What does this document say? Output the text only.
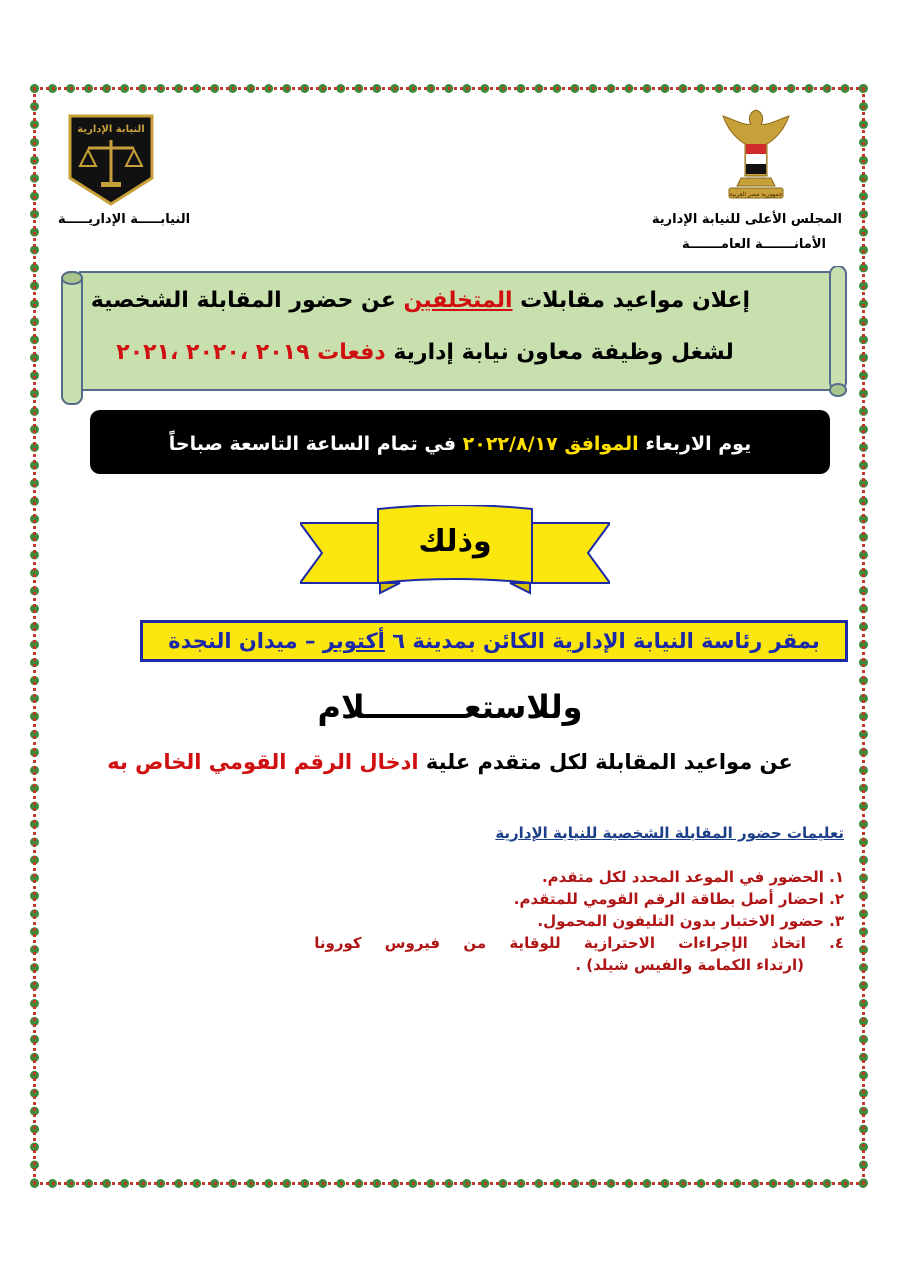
جمهورية مصر العربية
المجلس الأعلى للنيابة الإدارية
الأمانـــــــة العامـــــــة
النيابة الإدارية
النيابـــــة الإداريـــــة
إعلان مواعيد مقابلات المتخلفين عن حضور المقابلة الشخصية
لشغل وظيفة معاون نيابة إدارية دفعات ٢٠١٩ ،٢٠٢٠ ،٢٠٢١
يوم الاربعاء الموافق ٢٠٢٢/٨/١٧ في تمام الساعة التاسعة صباحاً
وذلك
بمقر رئاسة النيابة الإدارية الكائن بمدينة ٦ أكتوبر – ميدان النجدة
وللاستعـــــــــلام
عن مواعيد المقابلة لكل متقدم علية ادخال الرقم القومي الخاص به
تعليمات حضور المقابلة الشخصية للنيابة الإدارية
١. الحضور في الموعد المحدد لكل متقدم.
٢. احضار أصل بطاقة الرقم القومي للمتقدم.
٣. حضور الاختبار بدون التليفون المحمول.
٤. اتخاذ الإجراءات الاحترازية للوقاية من فيروس كورونا
(ارتداء الكمامة والفيس شيلد) .
